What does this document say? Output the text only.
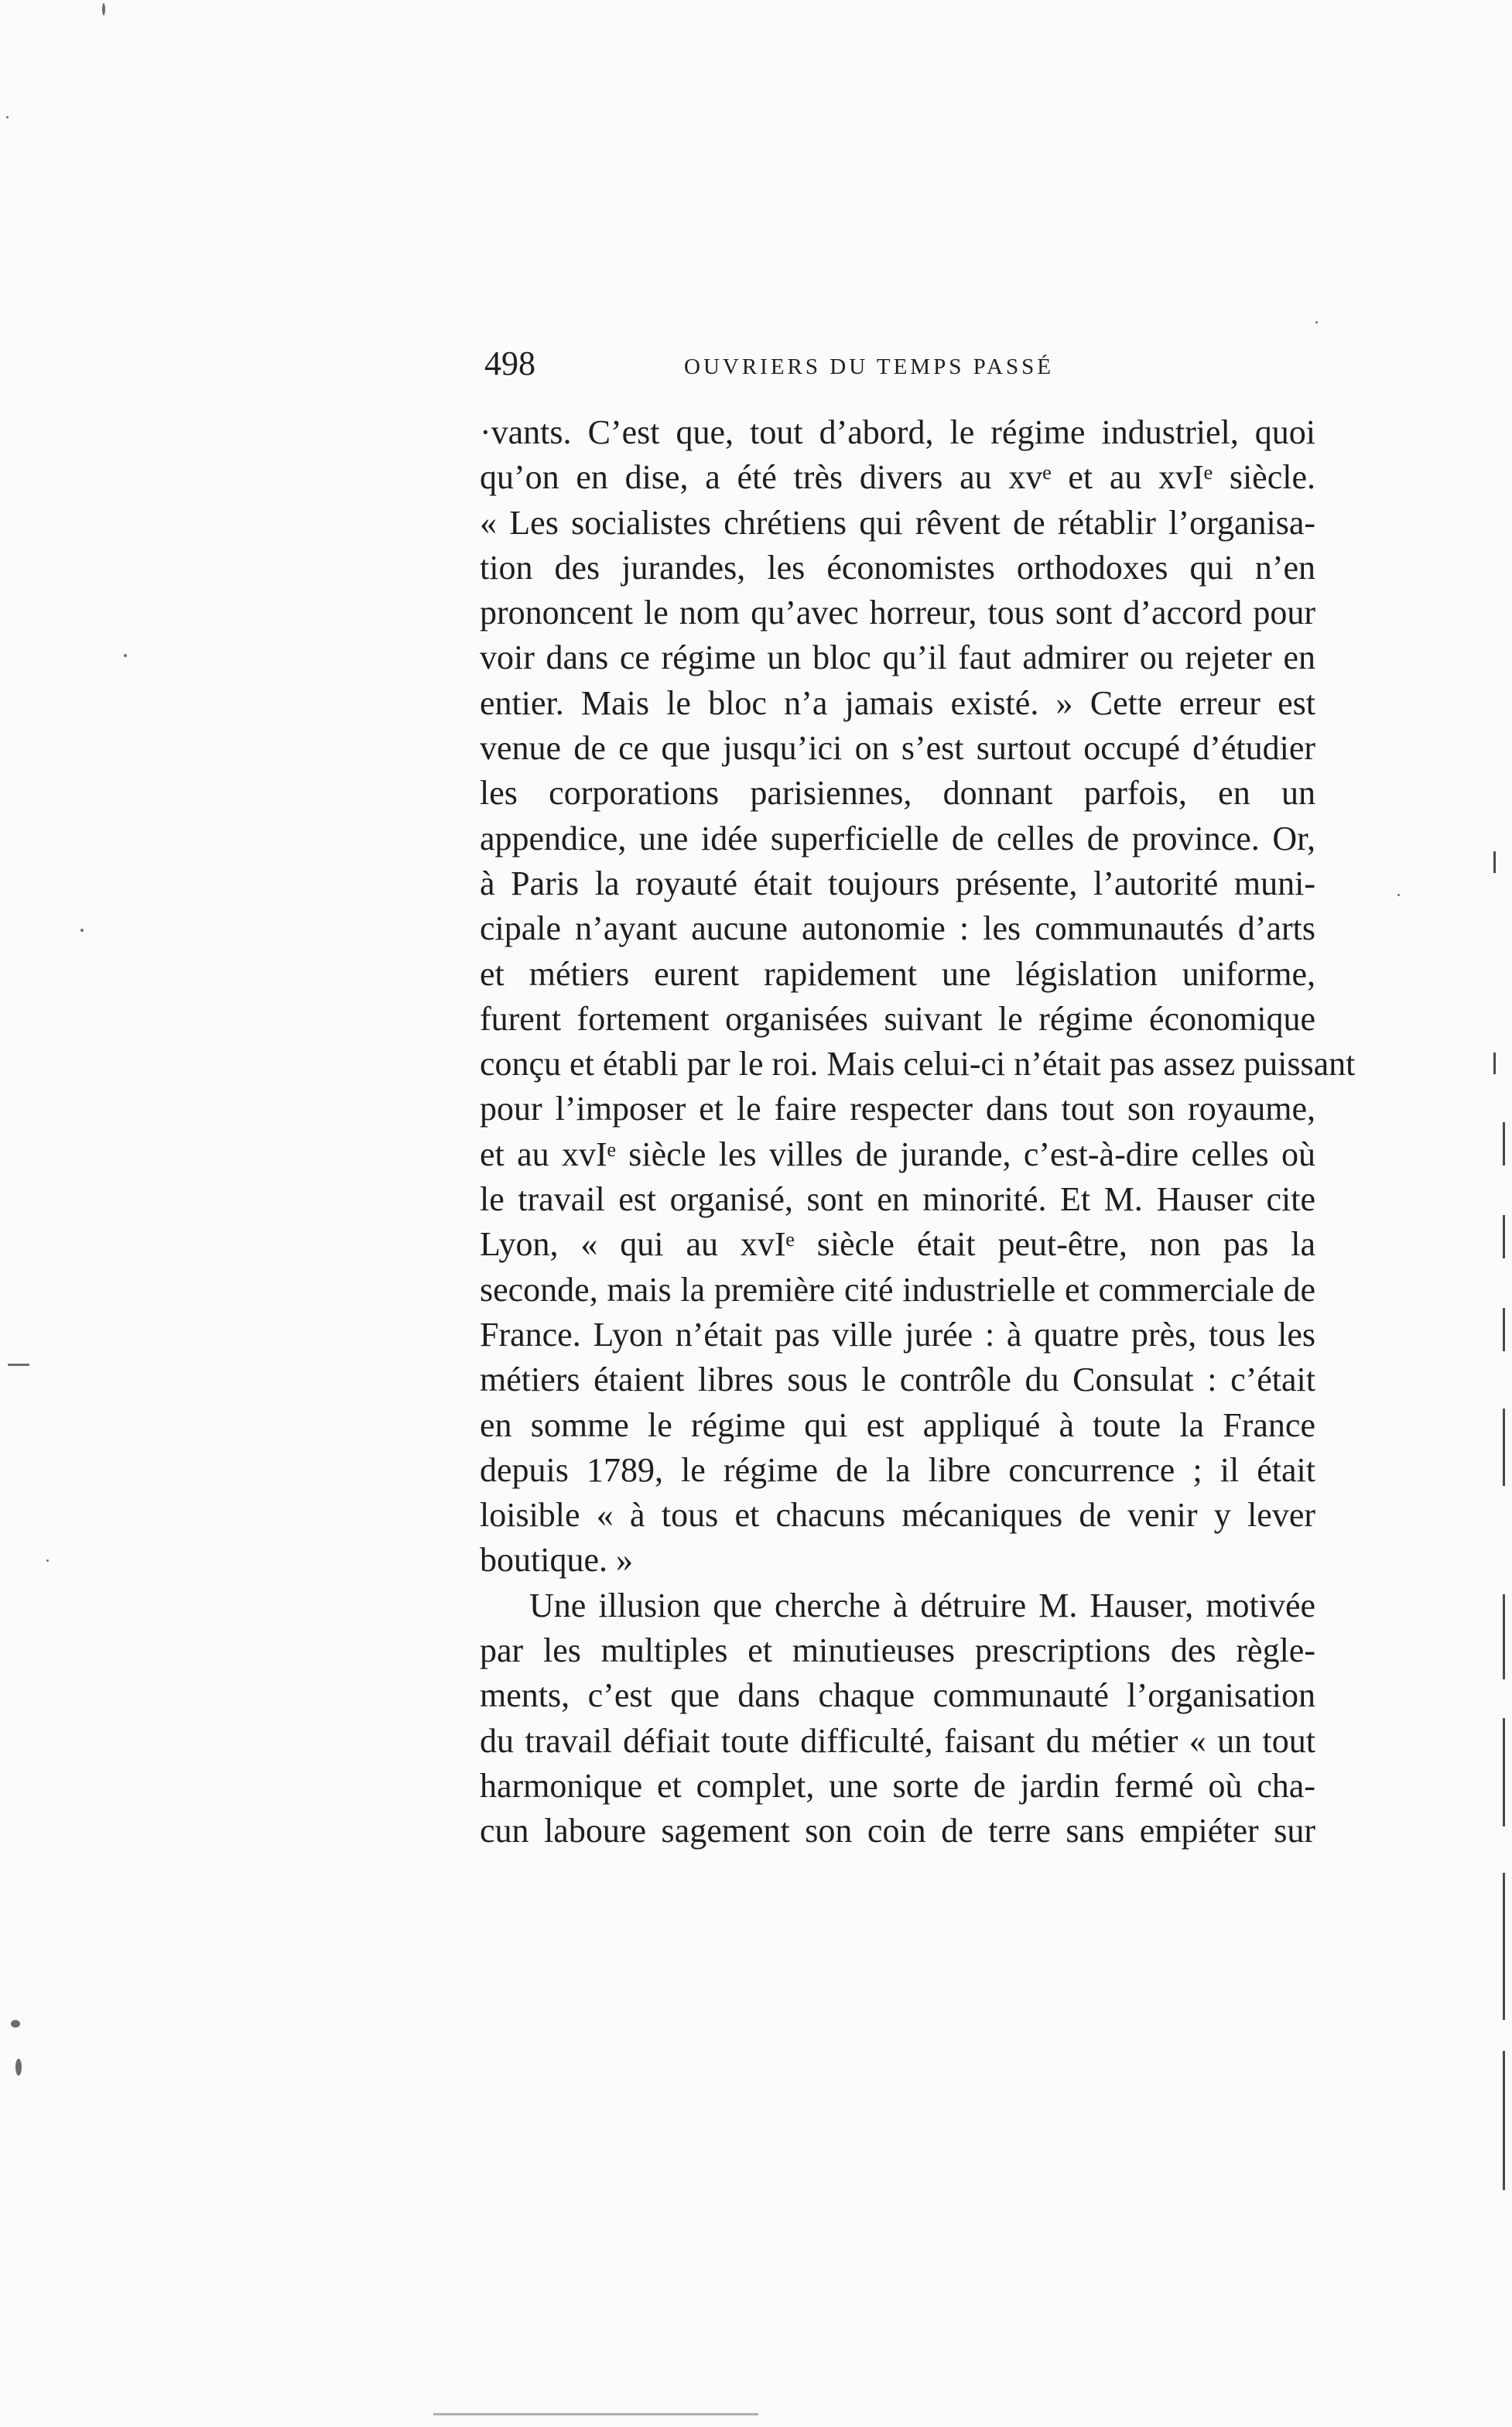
498	OUVRIERS DU TEMPS PASSÉ
·vants. C’est que, tout d’abord, le régime industriel, quoi
qu’on en dise, a été très divers au xvᵉ et au xvIᵉ siècle.
« Les socialistes chrétiens qui rêvent de rétablir l’organisa-
tion des jurandes, les économistes orthodoxes qui n’en
prononcent le nom qu’avec horreur, tous sont d’accord pour
voir dans ce régime un bloc qu’il faut admirer ou rejeter en
entier. Mais le bloc n’a jamais existé. » Cette erreur est
venue de ce que jusqu’ici on s’est surtout occupé d’étudier
les corporations parisiennes, donnant parfois, en un
appendice, une idée superficielle de celles de province. Or,
à Paris la royauté était toujours présente, l’autorité muni-
cipale n’ayant aucune autonomie : les communautés d’arts
et métiers eurent rapidement une législation uniforme,
furent fortement organisées suivant le régime économique
conçu et établi par le roi. Mais celui-ci n’était pas assez puissant
pour l’imposer et le faire respecter dans tout son royaume,
et au xvIᵉ siècle les villes de jurande, c’est-à-dire celles où
le travail est organisé, sont en minorité. Et M. Hauser cite
Lyon, « qui au xvIᵉ siècle était peut-être, non pas la
seconde, mais la première cité industrielle et commerciale de
France. Lyon n’était pas ville jurée : à quatre près, tous les
métiers étaient libres sous le contrôle du Consulat : c’était
en somme le régime qui est appliqué à toute la France
depuis 1789, le régime de la libre concurrence ; il était
loisible « à tous et chacuns mécaniques de venir y lever
boutique. »
Une illusion que cherche à détruire M. Hauser, motivée
par les multiples et minutieuses prescriptions des règle-
ments, c’est que dans chaque communauté l’organisation
du travail défiait toute difficulté, faisant du métier « un tout
harmonique et complet, une sorte de jardin fermé où cha-
cun laboure sagement son coin de terre sans empiéter sur
